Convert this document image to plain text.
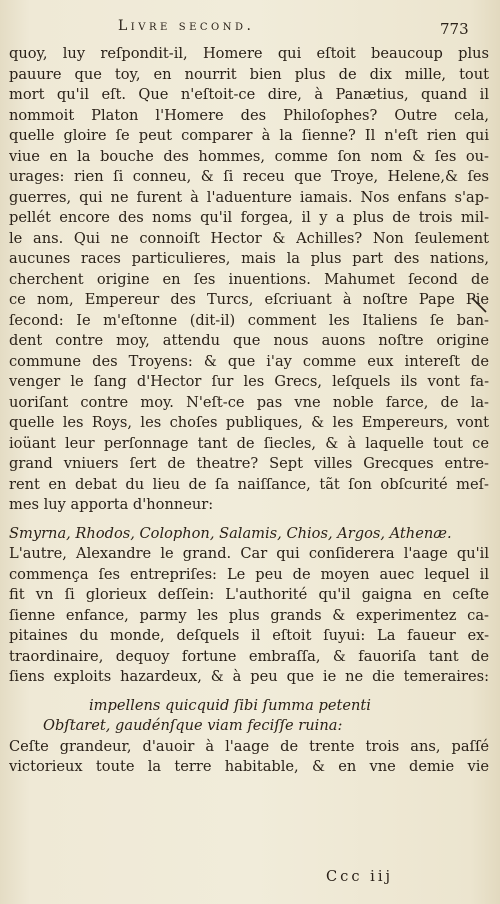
Livre second.	773
quoy, luy reſpondit-il, Homere qui eſtoit beaucoup plus
pauure que toy, en nourrit bien plus de dix mille, tout
mort qu'il eſt. Que n'eſtoit-ce dire, à Panætius, quand il
nommoit Platon l'Homere des Philoſophes? Outre cela,
quelle gloire ſe peut comparer à la ſienne? Il n'eſt rien qui
viue en la bouche des hommes, comme ſon nom & ſes ou-
urages: rien ſi conneu, & ſi receu que Troye, Helene,& ſes
guerres, qui ne furent à l'aduenture iamais. Nos enfans s'ap-
pellét encore des noms qu'il forgea, il y a plus de trois mil-
le ans. Qui ne connoiſt Hector & Achilles? Non ſeulement
aucunes races particulieres, mais la plus part des nations,
cherchent origine en ſes inuentions. Mahumet ſecond de
ce nom, Empereur des Turcs, eſcriuant à noſtre Pape Pie
ſecond: Ie m'eſtonne (dit-il) comment les Italiens ſe ban-
dent contre moy, attendu que nous auons noſtre origine
commune des Troyens: & que i'ay comme eux intereſt de
venger le ſang d'Hector ſur les Grecs, leſquels ils vont fa-
uoriſant contre moy. N'eſt-ce pas vne noble farce, de la-
quelle les Roys, les choſes publiques, & les Empereurs, vont
ioüant leur perſonnage tant de ſiecles, & à laquelle tout ce
grand vniuers ſert de theatre? Sept villes Grecques entre-
rent en debat du lieu de ſa naiſſance, tãt ſon obſcurité meſ-
mes luy apporta d'honneur:
Smyrna, Rhodos, Colophon, Salamis, Chios, Argos, Athenæ.
L'autre, Alexandre le grand. Car qui conſiderera l'aage qu'il
commença ſes entrepriſes: Le peu de moyen auec lequel il
fit vn ſi glorieux deſſein: L'authorité qu'il gaigna en ceſte
ſienne enfance, parmy les plus grands & experimentez ca-
pitaines du monde, deſquels il eſtoit ſuyui: La faueur ex-
traordinaire, dequoy fortune embraſſa, & fauoriſa tant de
ſiens exploits hazardeux, & à peu que ie ne die temeraires:
impellens quicquid ſibi ſumma petenti
Obſtaret, gaudénſque viam feciſſe ruina:
Ceſte grandeur, d'auoir à l'aage de trente trois ans, paſſé
victorieux toute la terre habitable, & en vne demie vie
Ccc iij
